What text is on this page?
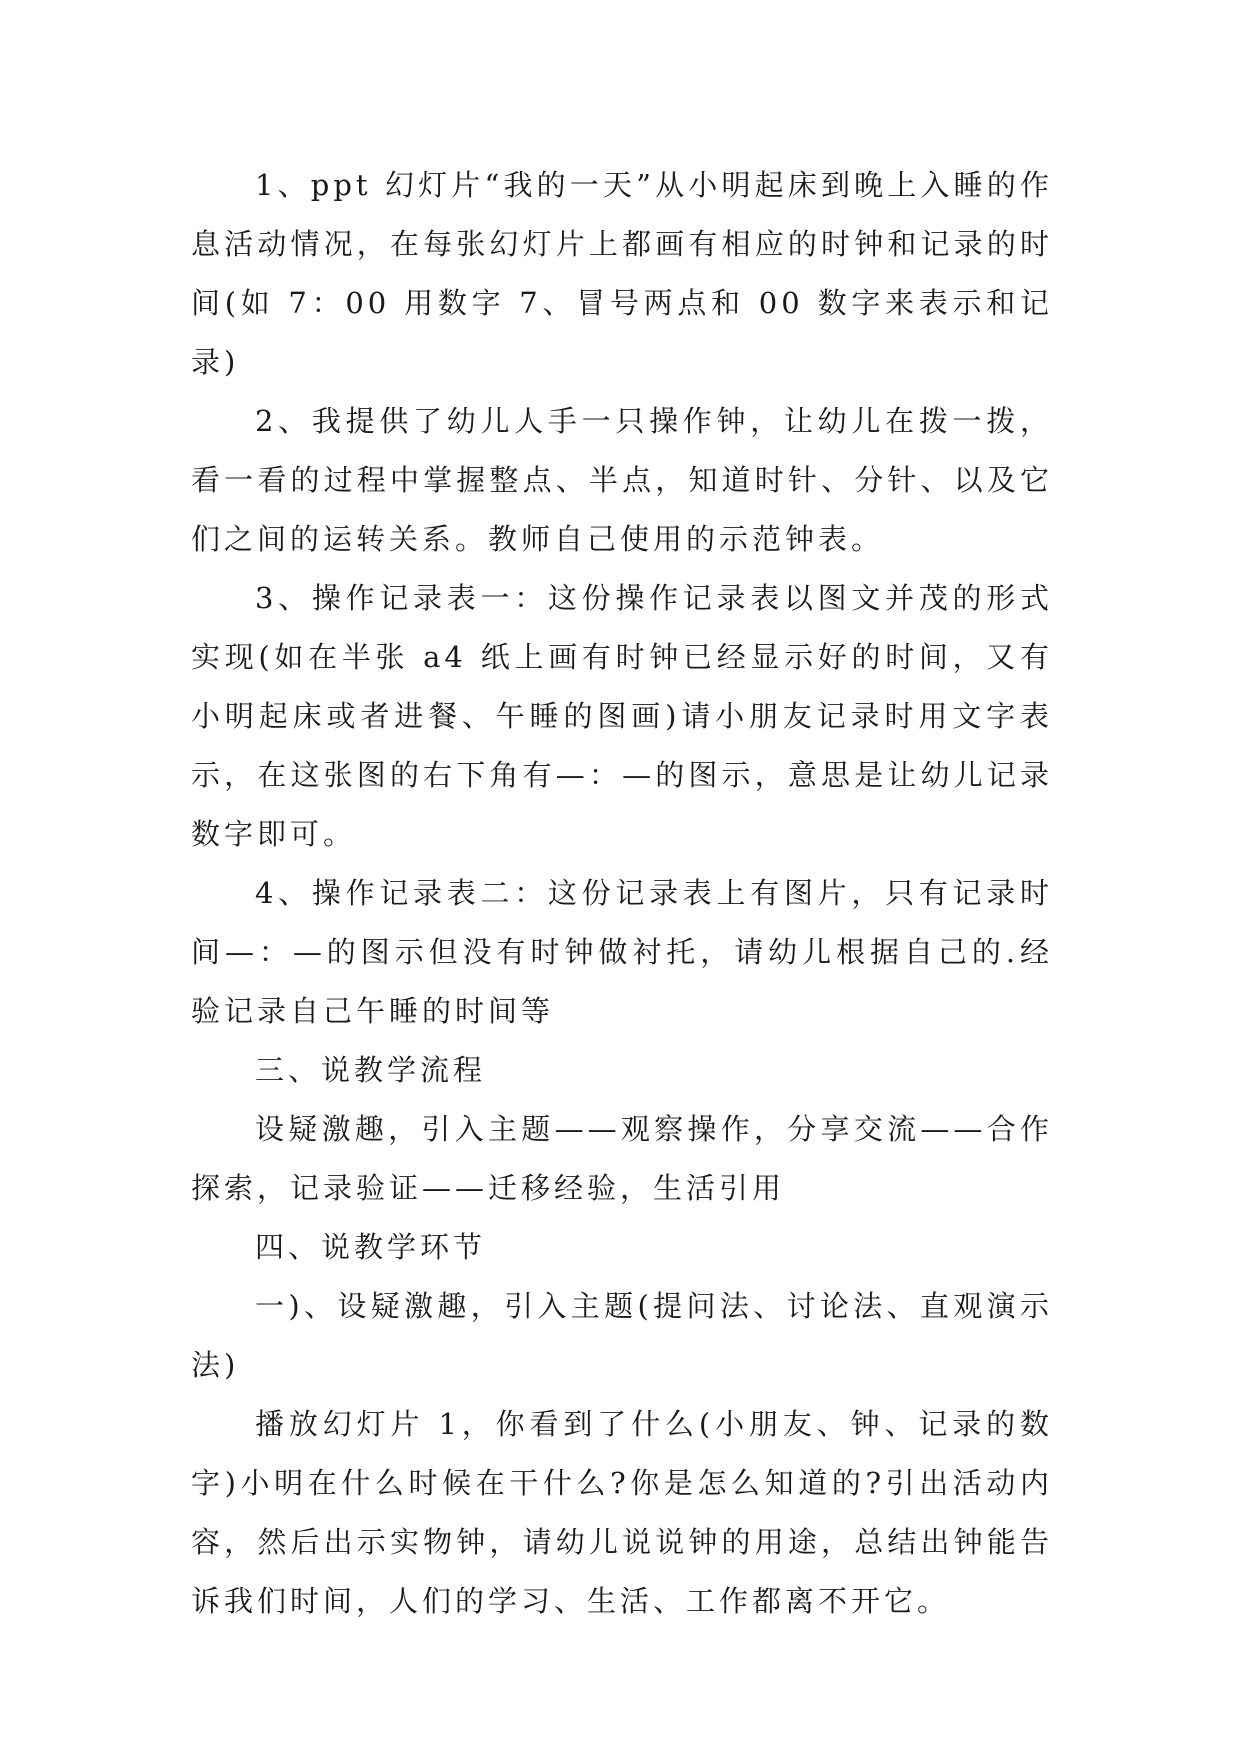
1、ppt 幻灯片“我的一天”从小明起床到晚上入睡的作息活动情况，在每张幻灯片上都画有相应的时钟和记录的时间(如 7：00 用数字 7、冒号两点和 00 数字来表示和记录)

2、我提供了幼儿人手一只操作钟，让幼儿在拨一拨，看一看的过程中掌握整点、半点，知道时针、分针、以及它们之间的运转关系。教师自己使用的示范钟表。

3、操作记录表一：这份操作记录表以图文并茂的形式实现(如在半张 a4 纸上画有时钟已经显示好的时间，又有小明起床或者进餐、午睡的图画)请小朋友记录时用文字表示，在这张图的右下角有—：—的图示，意思是让幼儿记录数字即可。

4、操作记录表二：这份记录表上有图片，只有记录时间—：—的图示但没有时钟做衬托，请幼儿根据自己的.经验记录自己午睡的时间等

三、说教学流程

设疑激趣，引入主题——观察操作，分享交流——合作探索，记录验证——迁移经验，生活引用

四、说教学环节

一)、设疑激趣，引入主题(提问法、讨论法、直观演示法)

播放幻灯片 1，你看到了什么(小朋友、钟、记录的数字)小明在什么时候在干什么?你是怎么知道的?引出活动内容，然后出示实物钟，请幼儿说说钟的用途，总结出钟能告诉我们时间，人们的学习、生活、工作都离不开它。
